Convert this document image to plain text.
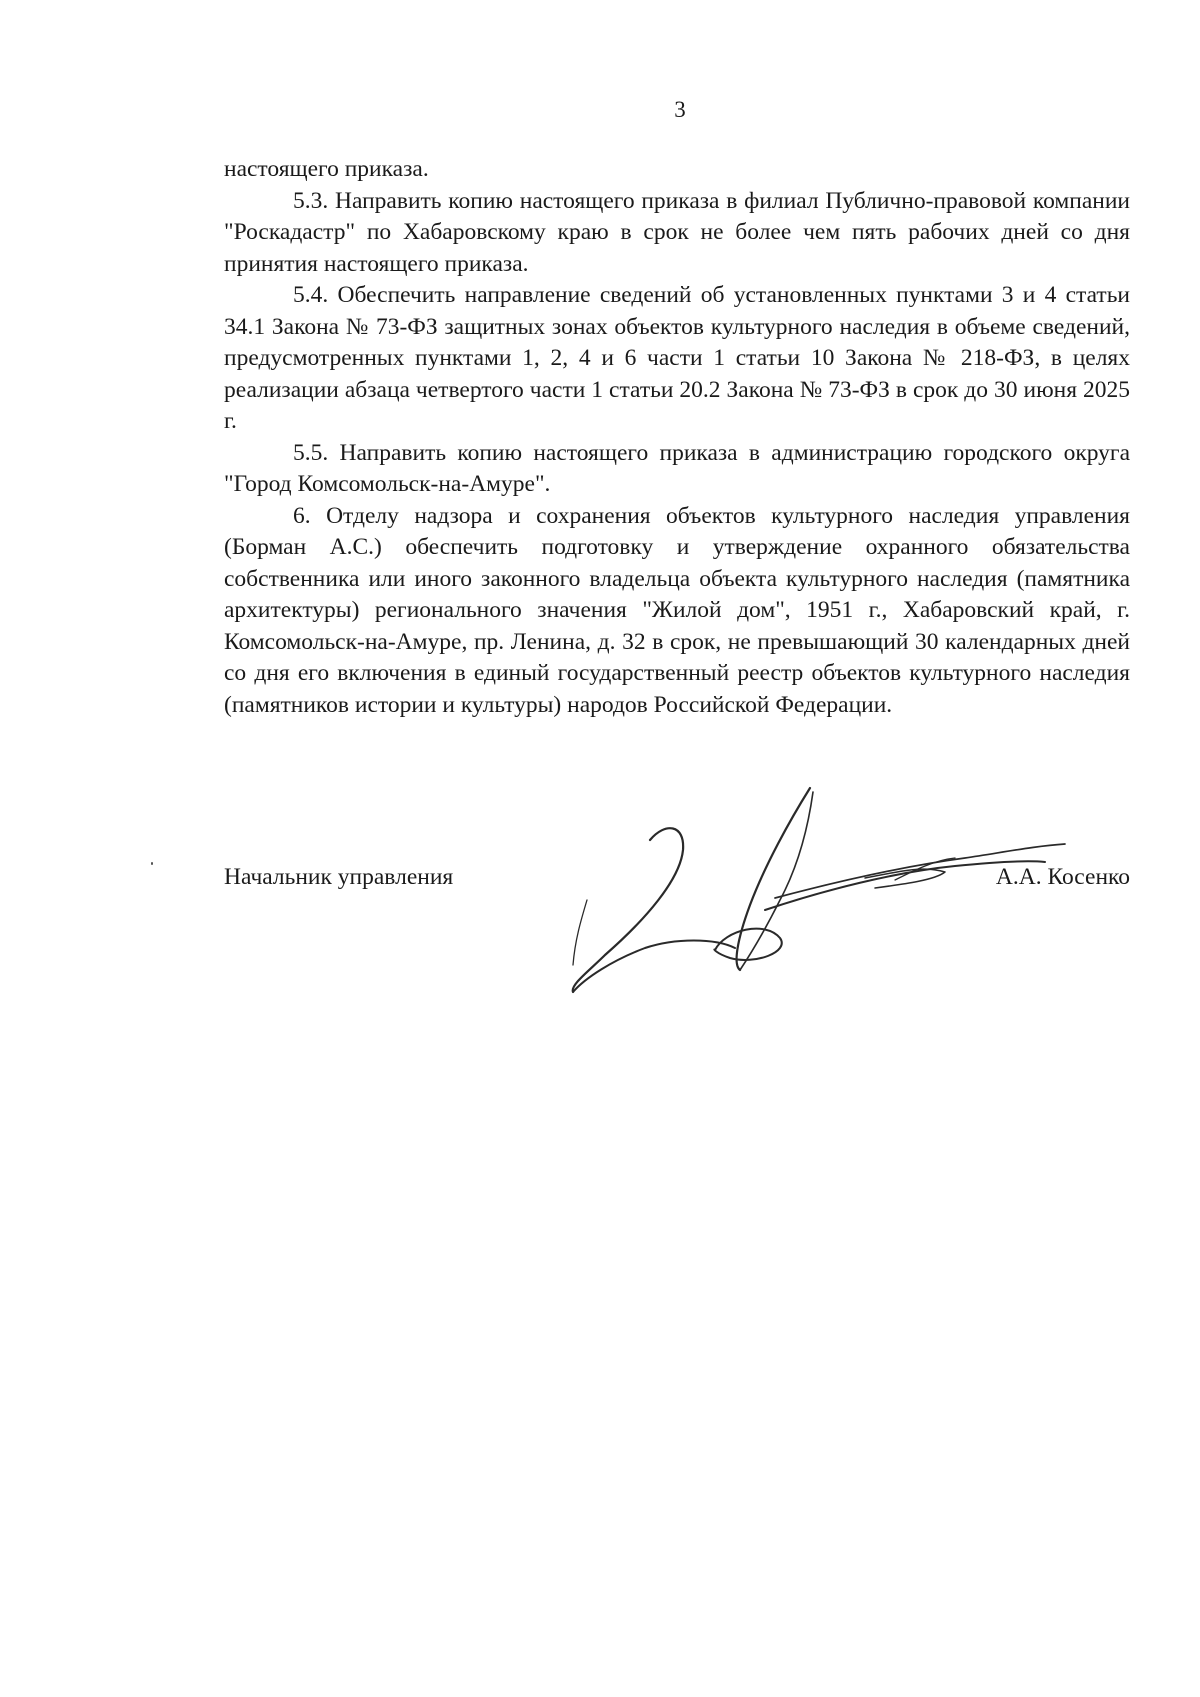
3

настоящего приказа.

5.3. Направить копию настоящего приказа в филиал Публично-правовой компании "Роскадастр" по Хабаровскому краю в срок не более чем пять рабочих дней со дня принятия настоящего приказа.

5.4. Обеспечить направление сведений об установленных пунктами 3 и 4 статьи 34.1 Закона № 73-ФЗ защитных зонах объектов культурного наследия в объеме сведений, предусмотренных пунктами 1, 2, 4 и 6 части 1 статьи 10 Закона № 218-ФЗ, в целях реализации абзаца четвертого части 1 статьи 20.2 Закона № 73-ФЗ в срок до 30 июня 2025 г.

5.5. Направить копию настоящего приказа в администрацию городского округа "Город Комсомольск-на-Амуре".

6. Отделу надзора и сохранения объектов культурного наследия управления (Борман А.С.) обеспечить подготовку и утверждение охранного обязательства собственника или иного законного владельца объекта культурного наследия (памятника архитектуры) регионального значения "Жилой дом", 1951 г., Хабаровский край, г. Комсомольск-на-Амуре, пр. Ленина, д. 32 в срок, не превышающий 30 календарных дней со дня его включения в единый государственный реестр объектов культурного наследия (памятников истории и культуры) народов Российской Федерации.

Начальник управления	А.А. Косенко
